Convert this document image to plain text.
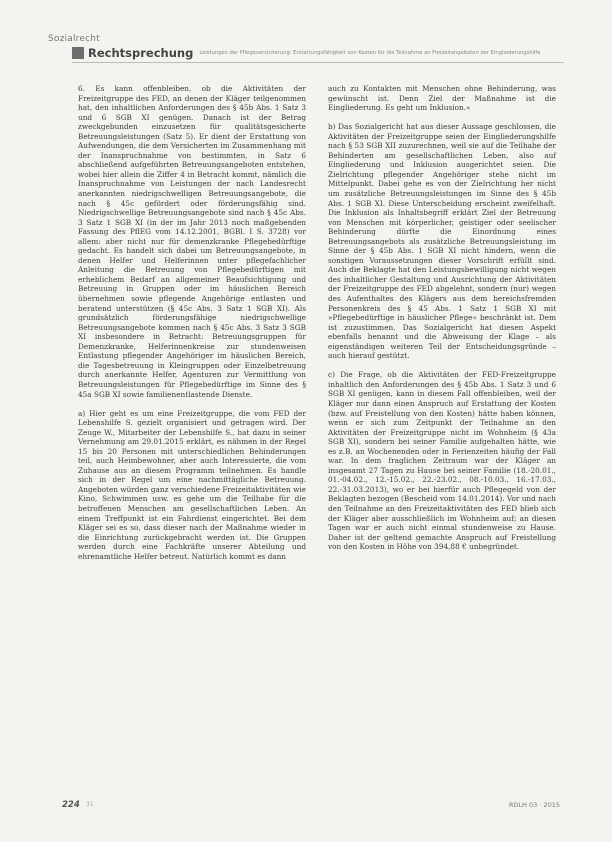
Sozialrecht
Rechtsprechung Leistungen der Pflegeversicherung: Erstattungsfähigkeit von Kosten für die Teilnahme an Freizeitangeboten der Eingliederungshilfe

6. Es kann offenbleiben, ob die Aktivitäten der Freizeitgruppe des FED, an denen der Kläger teilgenommen hat, den inhaltlichen Anforderungen des § 45b Abs. 1 Satz 3 und 6 SGB XI genügen. Danach ist der Betrag zweckgebunden einzusetzen für qualitätsgesicherte Betreuungsleistungen (Satz 5). Er dient der Erstattung von Aufwendungen, die dem Versicherten im Zusammenhang mit der Inanspruchnahme von bestimmten, in Satz 6 abschließend aufgeführten Betreuungsangeboten entstehen, wobei hier allein die Ziffer 4 in Betracht kommt, nämlich die Inanspruchnahme von Leistungen der nach Landesrecht anerkannten niedrigschwelligen Betreuungsangebote, die nach § 45c gefördert oder förderungsfähig sind. Niedrigschwellige Betreuungsangebote sind nach § 45c Abs. 3 Satz 1 SGB XI (in der im Jahr 2013 noch maßgebenden Fassung des PflEG vom 14.12.2001, BGBl. I S. 3728) vor allem: aber nicht nur für demenzkranke Pflegebedürftige gedacht. Es handelt sich dabei um Betreuungsangebote, in denen Helfer und Helferinnen unter pflegefachlicher Anleitung die Betreuung von Pflegebedürftigen mit erheblichem Bedarf an allgemeiner Beaufsichtigung und Betreuung in Gruppen oder im häuslichen Bereich übernehmen sowie pflegende Angehörige entlasten und beratend unterstützen (§ 45c Abs. 3 Satz 1 SGB XI). Als grundsätzlich förderungsfähige niedrigschwellige Betreuungsangebote kommen nach § 45c Abs. 3 Satz 3 SGB XI insbesondere in Betracht: Betreuungsgruppen für Demenzkranke, Helferinnenkreise zur stundenweisen Entlastung pflegender Angehöriger im häuslichen Bereich, die Tagesbetreuung in Kleingruppen oder Einzelbetreuung durch anerkannte Helfer, Agenturen zur Vermittlung von Betreuungsleistungen für Pflegebedürftige im Sinne des § 45a SGB XI sowie familienentlastende Dienste.

a) Hier geht es um eine Freizeitgruppe, die vom FED der Lebenshilfe S. gezielt organisiert und getragen wird. Der Zeuge W., Mitarbeiter der Lebenshilfe S., hat dazu in seiner Vernehmung am 29.01.2015 erklärt, es nähmen in der Regel 15 bis 20 Personen mit unterschiedlichen Behinderungen teil, auch Heimbewohner, aber auch Interessierte, die vom Zuhause aus an diesem Programm teilnehmen. Es handle sich in der Regel um eine nachmittägliche Betreuung. Angeboten würden ganz verschiedene Freizeitaktivitäten wie Kino, Schwimmen usw. es gehe um die Teilhabe für die betroffenen Menschen am gesellschaftlichen Leben. An einem Treffpunkt ist ein Fahrdienst eingerichtet. Bei dem Kläger sei es so, dass dieser nach der Maßnahme wieder in die Einrichtung zurückgebracht werden ist. Die Gruppen werden durch eine Fachkräfte unserer Abteilung und ehrenamtliche Helfer betreut. Natürlich kommt es dann

auch zu Kontakten mit Menschen ohne Behinderung, was gewünscht ist. Denn Ziel der Maßnahme ist die Eingliederung. Es geht um Inklusion.«

b) Das Sozialgericht hat aus dieser Aussage geschlossen, die Aktivitäten der Freizeitgruppe seien der Eingliederungshilfe nach § 53 SGB XII zuzurechnen, weil sie auf die Teilhabe der Behinderten am gesellschaftlichen Leben, also auf Eingliederung und Inklusion ausgerichtet seien. Die Zielrichtung pflegender Angehöriger stehe nicht im Mittelpunkt. Dabei gehe es von der Zielrichtung her nicht um zusätzliche Betreuungsleistungen im Sinne des § 45b Abs. 1 SGB XI. Diese Unterscheidung erscheint zweifelhaft. Die Inklusion als Inhaltsbegriff erklärt Ziel der Betreuung von Menschen mit körperlicher, geistiger oder seelischer Behinderung dürfte die Einordnung eines Betreuungsangebots als zusätzliche Betreuungsleistung im Sinne der § 45b Abs. 1 SGB XI nicht hindern, wenn die sonstigen Voraussetzungen dieser Vorschrift erfüllt sind. Auch die Beklagte hat den Leistungsbewilligung nicht wegen des inhaltlicher Gestaltung und Ausrichtung der Aktivitäten der Freizeitgruppe des FED abgelehnt, sondern (nur) wegen des Aufenthaltes des Klägers aus dem bereichsfremden Personenkreis des § 45 Abs. 1 Satz 1 SGB XI mit »Pflegebedürftige in häuslicher Pflege« beschränkt ist. Dem ist zuzustimmen. Das Sozialgericht hat diesen Aspekt ebenfalls benannt und die Abweisung der Klage – als eigenständigen weiteren Teil der Entscheidungsgründe – auch hierauf gestützt.

c) Die Frage, ob die Aktivitäten der FED-Freizeitgruppe inhaltlich den Anforderungen des § 45b Abs. 1 Satz 3 und 6 SGB XI genügen, kann in diesem Fall offenbleiben, weil der Kläger nur dann einen Anspruch auf Erstattung der Kosten (bzw. auf Freistellung von den Kosten) hätte haben können, wenn er sich zum Zeitpunkt der Teilnahme an den Aktivitäten der Freizeitgruppe nicht im Wohnheim (§ 43a SGB XI), sondern bei seiner Familie aufgehalten hätte, wie es z.B. an Wochenenden oder in Ferienzeiten häufig der Fall war. In dem fraglichen Zeitraum war der Kläger an insgesamt 27 Tagen zu Hause bei seiner Familie (18.-20.01., 01.-04.02., 12.-15.02., 22.-23.02., 08.-10.03., 16.-17.03., 22.-31.03.2013), wo er bei hierfür auch Pflegegeld von der Beklagten bezogen (Bescheid vom 14.01.2014). Vor und nach den Teilnahme an den Freizeitaktivitäten des FED blieb sich der Kläger aber ausschließlich im Wohnheim auf; an diesen Tagen war er auch nicht einmal stundenweise zu Hause. Daher ist der geltend gemachte Anspruch auf Freistellung von den Kosten in Höhe von 394,88 € unbegründet.

224 31	RDLH 03 · 2015
